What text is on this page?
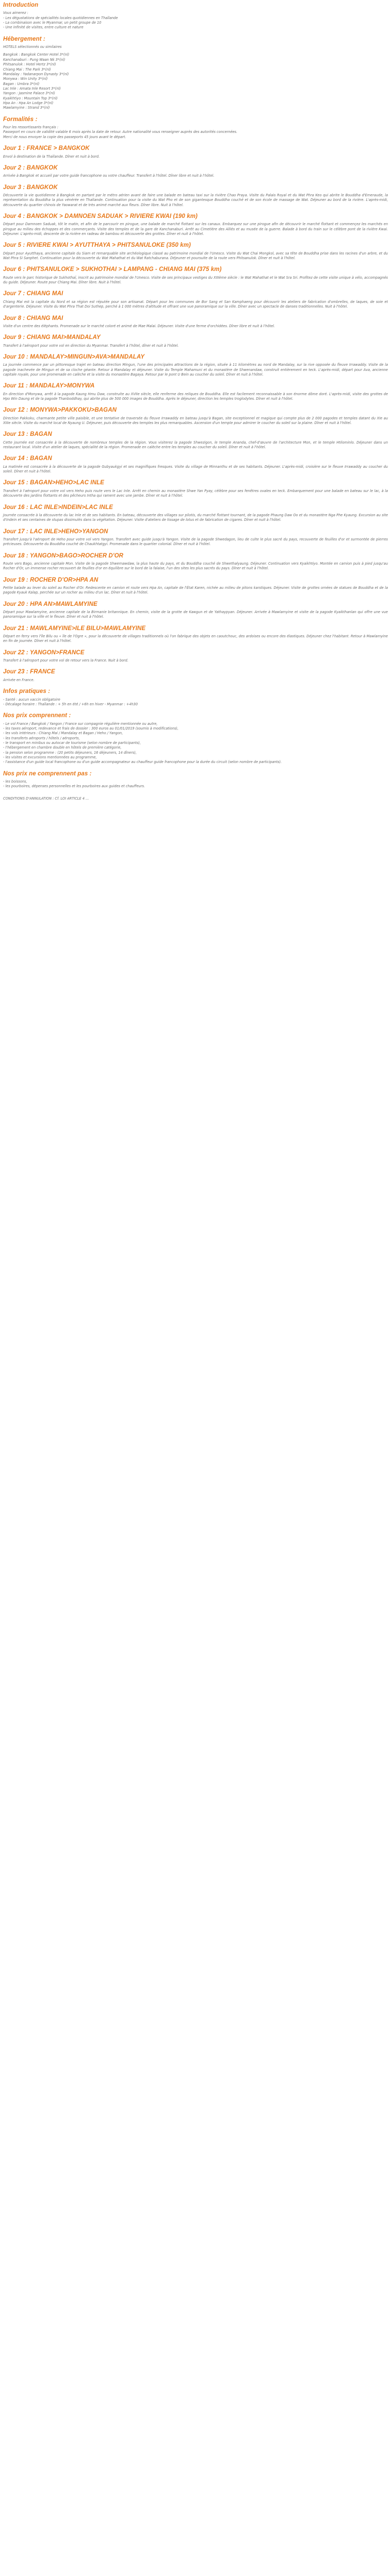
Introduction

Vous aimerez :

- Les dégustations de spécialités locales quotidiennes en Thaïlande

- La combinaison avec le Myanmar, un petit groupe de 10

- Une infinité de visites, entre culture et nature

Hébergement :

HOTELS sélectionnés ou similaires

Bangkok : Bangkok Center Hotel 3*(nl)

Kanchanaburi : Pung Waan Nk 3*(nl)

Phitsanulok : Hotel Hertz 3*(nl)

Chiang Mai : The Park 3*(nl)

Mandalay : Yadanarpon Dynasty 3*(nl)

Monywa : Win Unity 3*(nl)

Bagan : Umbra 3*(nl)

Lac Inle : Amata Inle Resort 3*(nl)

Yangon : Jasmine Palace 3*(nl)

Kyaikhtiyo : Mountain Top 3*(nl)

Hpa An : Hpa An Lodge 3*(nl)

Mawlamyine : Strand 3*(nl)

Formalités :

Pour les ressortissants français :

Passeport en cours de validité valable 6 mois après la date de retour. Autre nationalité vous renseigner auprès des autorités concernées.

Merci de nous envoyer la copie des passeports 45 jours avant le départ.

Jour 1 : FRANCE > BANGKOK

Envol à destination de la Thaïlande. Dîner et nuit à bord.

Jour 2 : BANGKOK

Arrivée à Bangkok et accueil par votre guide francophone ou votre chauffeur. Transfert à l'hôtel. Dîner libre et nuit à l'hôtel.

Jour 3 : BANGKOK

Découverte la vie quotidienne à Bangkok en partant par le métro aérien avant de faire une balade en bateau taxi sur la rivière Chao Praya. Visite du Palais Royal et du Wat Phra Keo qui abrite le Bouddha d'Emeraude, la représentation du Bouddha la plus vénérée en Thaïlande. Continuation pour la visite du Wat Pho et de son gigantesque Bouddha couché et de son école de massage de Wat. Déjeuner au bord de la rivière. L'après-midi, découverte du quartier chinois de Yaowarat et de très animé marché aux fleurs. Dîner libre. Nuit à l'hôtel.

Jour 4 : BANGKOK > DAMNOEN SADUAK > RIVIERE KWAI (190 km)

Départ pour Damnoen Saduak, tôt le matin, et afin de le parcourir en pirogue, une balade de marché flottant sur les canaux. Embarquez sur une pirogue afin de découvrir le marché flottant et commençez les marchés en pirogue au milieu des échoppes et des commerçants. Visite des temples et de la gare de Kanchanaburi. Arrêt au Cimetière des Alliés et au musée de la guerre. Balade à bord du train sur le célèbre pont de la rivière Kwai. Déjeuner. L'après-midi, descente de la rivière en radeau de bambou et découverte des grottes. Dîner et nuit à l'hôtel.

Jour 5 : RIVIERE KWAI > AYUTTHAYA > PHITSANULOKE (350 km)

Départ pour Ayutthaya, ancienne capitale du Siam et remarquable site archéologique classé au patrimoine mondial de l'Unesco. Visite du Wat Chai Mongkol, avec sa tête de Bouddha prise dans les racines d'un arbre, et du Wat Phra Si Sanphet. Continuation pour la découverte du Wat Mahathat et du Wat Ratchaburana. Déjeuner et poursuite de la route vers Phitsanulok. Dîner et nuit à l'hôtel.

Jour 6 : PHITSANULOKE > SUKHOTHAI > LAMPANG - CHIANG MAI (375 km)

Route vers le parc historique de Sukhothaï, inscrit au patrimoine mondial de l'Unesco. Visite de ses principaux vestiges du XIIIème siècle : le Wat Mahathat et le Wat Sra Sri. Profitez de cette visite unique à vélo, accompagnés du guide. Déjeuner. Route pour Chiang Mai. Dîner libre. Nuit à l'hôtel.

Jour 7 : CHIANG MAI

Chiang Mai est la capitale du Nord et sa région est réputée pour son artisanat. Départ pour les communes de Bor Sang et San Kamphaeng pour découvrir les ateliers de fabrication d'ombrelles, de laques, de soie et d'argenterie. Déjeuner. Visite du Wat Phra That Doi Suthep, perché à 1 000 mètres d'altitude et offrant une vue panoramique sur la ville. Dîner avec un spectacle de danses traditionnelles. Nuit à l'hôtel.

Jour 8 : CHIANG MAI

Visite d'un centre des éléphants. Promenade sur le marché coloré et animé de Mae Malai. Déjeuner. Visite d'une ferme d'orchidées. Dîner libre et nuit à l'hôtel.

Jour 9 : CHIANG MAI>MANDALAY

Transfert à l'aéroport pour votre vol en direction du Myanmar. Transfert à l'hôtel, dîner et nuit à l'hôtel.

Jour 10 : MANDALAY>MINGUN>AVA>MANDALAY

La journée commence par un pittoresque trajet en bateau direction Mingun, l'une des principales attractions de la région, située à 11 kilomètres au nord de Mandalay, sur la rive opposée du fleuve Irrawaddy. Visite de la pagode inachevée de Mingun et de sa cloche géante. Retour à Mandalay et déjeuner. Visite du Temple Mahamuni et du monastère de Shwenandaw, construit entièrement en teck. L'après-midi, départ pour Ava, ancienne capitale royale, pour une promenade en calèche et la visite du monastère Bagaya. Retour par le pont U Bein au coucher du soleil. Dîner et nuit à l'hôtel.

Jour 11 : MANDALAY>MONYWA

En direction d'Monywa, arrêt à la pagode Kaung Hmu Daw, construite au XVIIe siècle, elle renferme des reliques de Bouddha. Elle est facilement reconnaissable à son énorme dôme doré. L'après-midi, visite des grottes de Hpo Win Daung et de la pagode Thanboddhay, qui abrite plus de 500 000 images de Bouddha. Après le déjeuner, direction les temples troglodytes. Dîner et nuit à l'hôtel.

Jour 12 : MONYWA>PAKKOKU>BAGAN

Direction Pakkoku, charmante petite ville paisible, et une tentative de traversée du fleuve Irrawaddy en bateau jusqu'à Bagan, site exceptionnel et magique qui compte plus de 2 000 pagodes et temples datant du XIe au XIIIe siècle. Visite du marché local de Nyaung U. Déjeuner, puis découverte des temples les plus remarquables. Ascension d'un temple pour admirer le coucher du soleil sur la plaine. Dîner et nuit à l'hôtel.

Jour 13 : BAGAN

Cette journée est consacrée à la découverte de nombreux temples de la région. Vous visiterez la pagode Shwezigon, le temple Ananda, chef-d'œuvre de l'architecture Mon, et le temple Htilominlo. Déjeuner dans un restaurant local. Visite d'un atelier de laques, spécialité de la région. Promenade en calèche entre les temples au coucher du soleil. Dîner et nuit à l'hôtel.

Jour 14 : BAGAN

La matinée est consacrée à la découverte de la pagode Gubyaukgyi et ses magnifiques fresques. Visite du village de Minnanthu et de ses habitants. Déjeuner. L'après-midi, croisière sur le fleuve Irrawaddy au coucher du soleil. Dîner et nuit à l'hôtel.

Jour 15 : BAGAN>HEHO>LAC INLE

Transfert à l'aéroport pour votre vol vers Heho puis route vers le Lac Inle. Arrêt en chemin au monastère Shwe Yan Pyay, célèbre pour ses fenêtres ovales en teck. Embarquement pour une balade en bateau sur le lac, à la découverte des jardins flottants et des pêcheurs Intha qui rament avec une jambe. Dîner et nuit à l'hôtel.

Jour 16 : LAC INLE>INDEIN>LAC INLE

Journée consacrée à la découverte du lac Inle et de ses habitants. En bateau, découverte des villages sur pilotis, du marché flottant tournant, de la pagode Phaung Daw Oo et du monastère Nga Phe Kyaung. Excursion au site d'Indein et ses centaines de stupas dissimulés dans la végétation. Déjeuner. Visite d'ateliers de tissage de lotus et de fabrication de cigares. Dîner et nuit à l'hôtel.

Jour 17 : LAC INLE>HEHO>YANGON

Transfert jusqu'à l'aéroport de Heho pour votre vol vers Yangon. Transfert avec guide jusqu'à Yangon. Visite de la pagode Shwedagon, lieu de culte le plus sacré du pays, recouverte de feuilles d'or et surmontée de pierres précieuses. Découverte du Bouddha couché de Chaukhtatgyi. Promenade dans le quartier colonial. Dîner et nuit à l'hôtel.

Jour 18 : YANGON>BAGO>ROCHER D'OR

Route vers Bago, ancienne capitale Mon. Visite de la pagode Shwemawdaw, la plus haute du pays, et du Bouddha couché de Shwethalyaung. Déjeuner. Continuation vers Kyaikhtiyo. Montée en camion puis à pied jusqu'au Rocher d'Or, un immense rocher recouvert de feuilles d'or en équilibre sur le bord de la falaise, l'un des sites les plus sacrés du pays. Dîner et nuit à l'hôtel.

Jour 19 : ROCHER D'OR>HPA AN

Petite balade au lever du soleil au Rocher d'Or. Redescente en camion et route vers Hpa An, capitale de l'État Karen, nichée au milieu de pitons karstiques. Déjeuner. Visite de grottes ornées de statues de Bouddha et de la pagode Kyauk Kalap, perchée sur un rocher au milieu d'un lac. Dîner et nuit à l'hôtel.

Jour 20 : HPA AN>MAWLAMYINE

Départ pour Mawlamyine, ancienne capitale de la Birmanie britannique. En chemin, visite de la grotte de Kawgun et de Yathaypyan. Déjeuner. Arrivée à Mawlamyine et visite de la pagode Kyaikthanlan qui offre une vue panoramique sur la ville et le fleuve. Dîner et nuit à l'hôtel.

Jour 21 : MAWLAMYINE>ILE BILU>MAWLAMYINE

Départ en ferry vers l'île Bilu ou « île de l'Ogre », pour la découverte de villages traditionnels où l'on fabrique des objets en caoutchouc, des ardoises ou encore des élastiques. Déjeuner chez l'habitant. Retour à Mawlamyine en fin de journée. Dîner et nuit à l'hôtel.

Jour 22 : YANGON>FRANCE

Transfert à l'aéroport pour votre vol de retour vers la France. Nuit à bord.

Jour 23 : FRANCE

Arrivée en France.

Infos pratiques :

- Santé : aucun vaccin obligatoire

- Décalage horaire : Thaïlande : + 5h en été / +6h en hiver - Myanmar : +4h30

Nos prix comprennent :

- Le vol France / Bangkok / Yangon / France sur compagnie régulière mentionnée ou autre,

- les taxes aéroport, redevance et frais de dossier : 300 euros au 01/01/2019 (soumis à modifications),

- les vols intérieurs : Chiang Mai / Mandalay et Bagan / Heho / Yangon,

- les transferts aéroports / hôtels / aéroports,

- le transport en minibus ou autocar de tourisme (selon nombre de participants),

- l'hébergement en chambre double en hôtels de première catégorie,

- la pension selon programme : (20 petits déjeuners, 16 déjeuners, 14 dîners),

- les visites et excursions mentionnées au programme,

- l'assistance d'un guide local francophone ou d'un guide accompagnateur au chauffeur guide francophone pour la durée du circuit (selon nombre de participants).

Nos prix ne comprennent pas :

- les boissons,

- les pourboires, dépenses personnelles et les pourboires aux guides et chauffeurs.

CONDITIONS D'ANNULATION : Cf. LOI ARTICLE 4 ...
